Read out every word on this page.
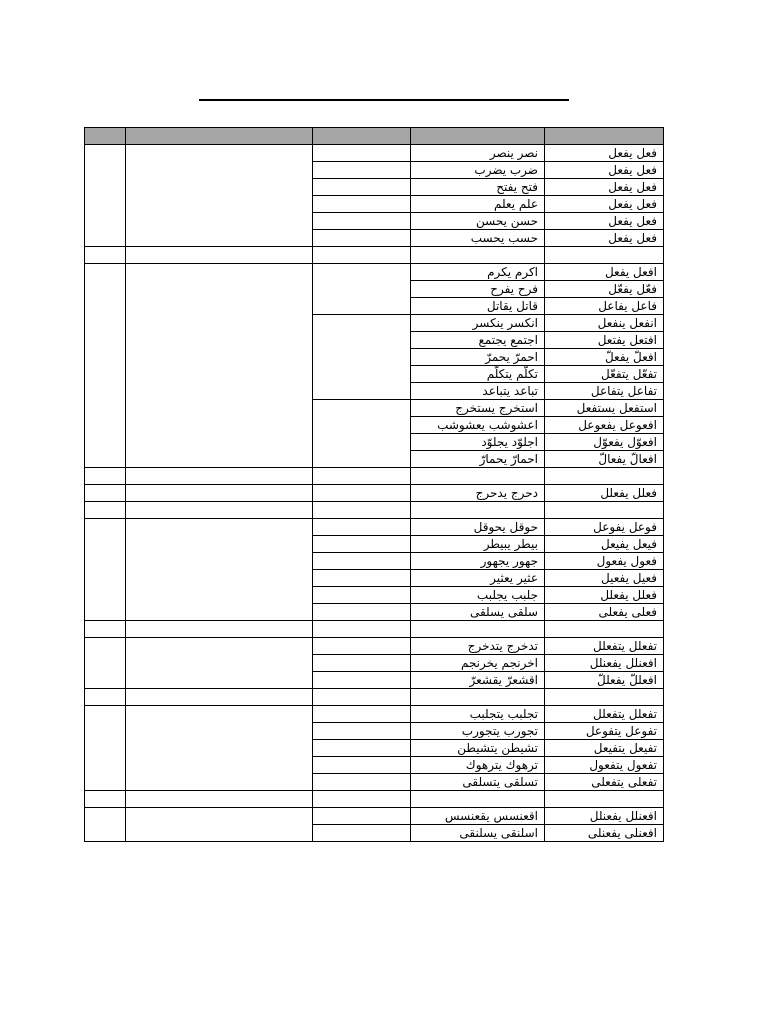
			نصر ينصر	فعل يفعل
			ضرب يضرب	فعل يفعل
			فتح يفتح	فعل يفعل
			علم يعلم	فعل يفعل
			حسن يحسن	فعل يفعل
			حسب يحسب	فعل يفعل

			اكرم يكرم	افعل يفعل
			فرح يفرح	فعّل يفعّل
			قاتل يقاتل	فاعل يفاعل
			انكسر ينكسر	انفعل ينفعل
			اجتمع يجتمع	افتعل يفتعل
			احمرّ يحمرّ	افعلّ يفعلّ
			تكلّم يتكلّم	تفعّل يتفعّل
			تباعد يتباعد	تفاعل يتفاعل
			استخرج يستخرج	استفعل يستفعل
			اعشوشب يعشوشب	افعوعل يفعوعل
			اجلوّد يجلوّد	افعوّل يفعوّل
			احمارّ يحمارّ	افعالّ يفعالّ

			دحرج يدحرج	فعلل يفعلل

			حوقل يحوقل	فوعل يفوعل
			بيطر يبيطر	فيعل يفيعل
			جهور يجهور	فعول يفعول
			عثير يعثير	فعيل يفعيل
			جلبب يجلبب	فعلل يفعلل
			سلقى يسلقى	فعلى يفعلى

			تدخرج يتدخرج	تفعلل يتفعلل
			اخرنجم يخرنجم	افعنلل يفعنلل
			اقشعرّ يقشعرّ	افعللّ يفعللّ

			تجلبب يتجلبب	تفعلل يتفعلل
			تجورب يتجورب	تفوعل يتفوعل
			تشيطن يتشيطن	تفيعل يتفيعل
			ترهوك يترهوك	تفعول يتفعول
			تسلقى يتسلقى	تفعلى يتفعلى

			اقعنسس يقعنسس	افعنلل يفعنلل
			اسلنقى يسلنقى	افعنلى يفعنلى
